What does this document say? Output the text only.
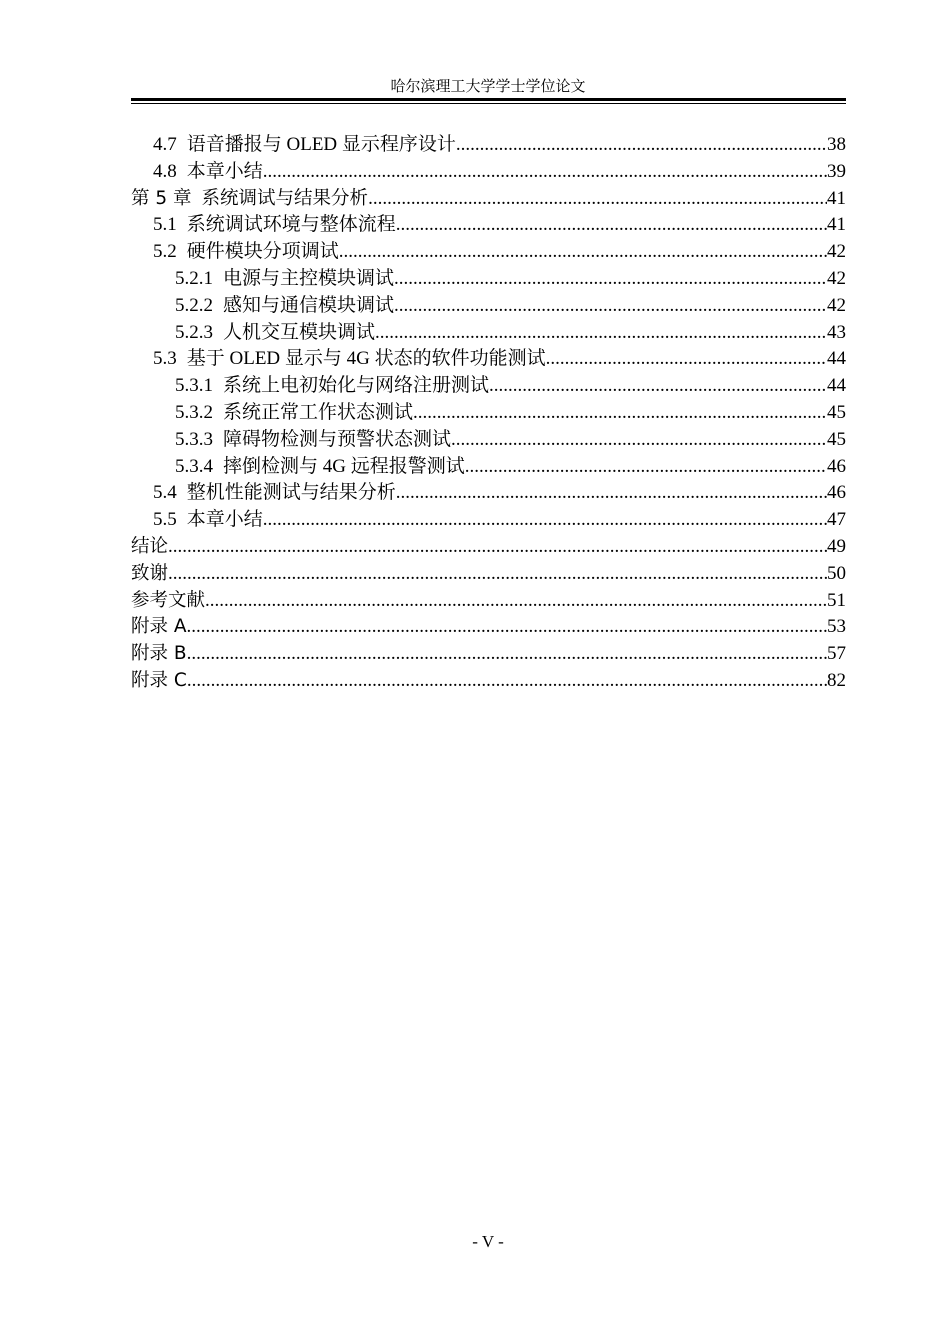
哈尔滨理工大学学士学位论文
4.7 语音播报与 OLED 显示程序设计 .....	38
4.8 本章小结 .....	39
第 5 章 系统调试与结果分析 .....	41
5.1 系统调试环境与整体流程 .....	41
5.2 硬件模块分项调试 .....	42
5.2.1 电源与主控模块调试 .....	42
5.2.2 感知与通信模块调试 .....	42
5.2.3 人机交互模块调试 .....	43
5.3 基于 OLED 显示与 4G 状态的软件功能测试 .....	44
5.3.1 系统上电初始化与网络注册测试 .....	44
5.3.2 系统正常工作状态测试 .....	45
5.3.3 障碍物检测与预警状态测试 .....	45
5.3.4 摔倒检测与 4G 远程报警测试 .....	46
5.4 整机性能测试与结果分析 .....	46
5.5 本章小结 .....	47
结论 .....	49
致谢 .....	50
参考文献 .....	51
附录 A .....	53
附录 B .....	57
附录 C .....	82
- V -
